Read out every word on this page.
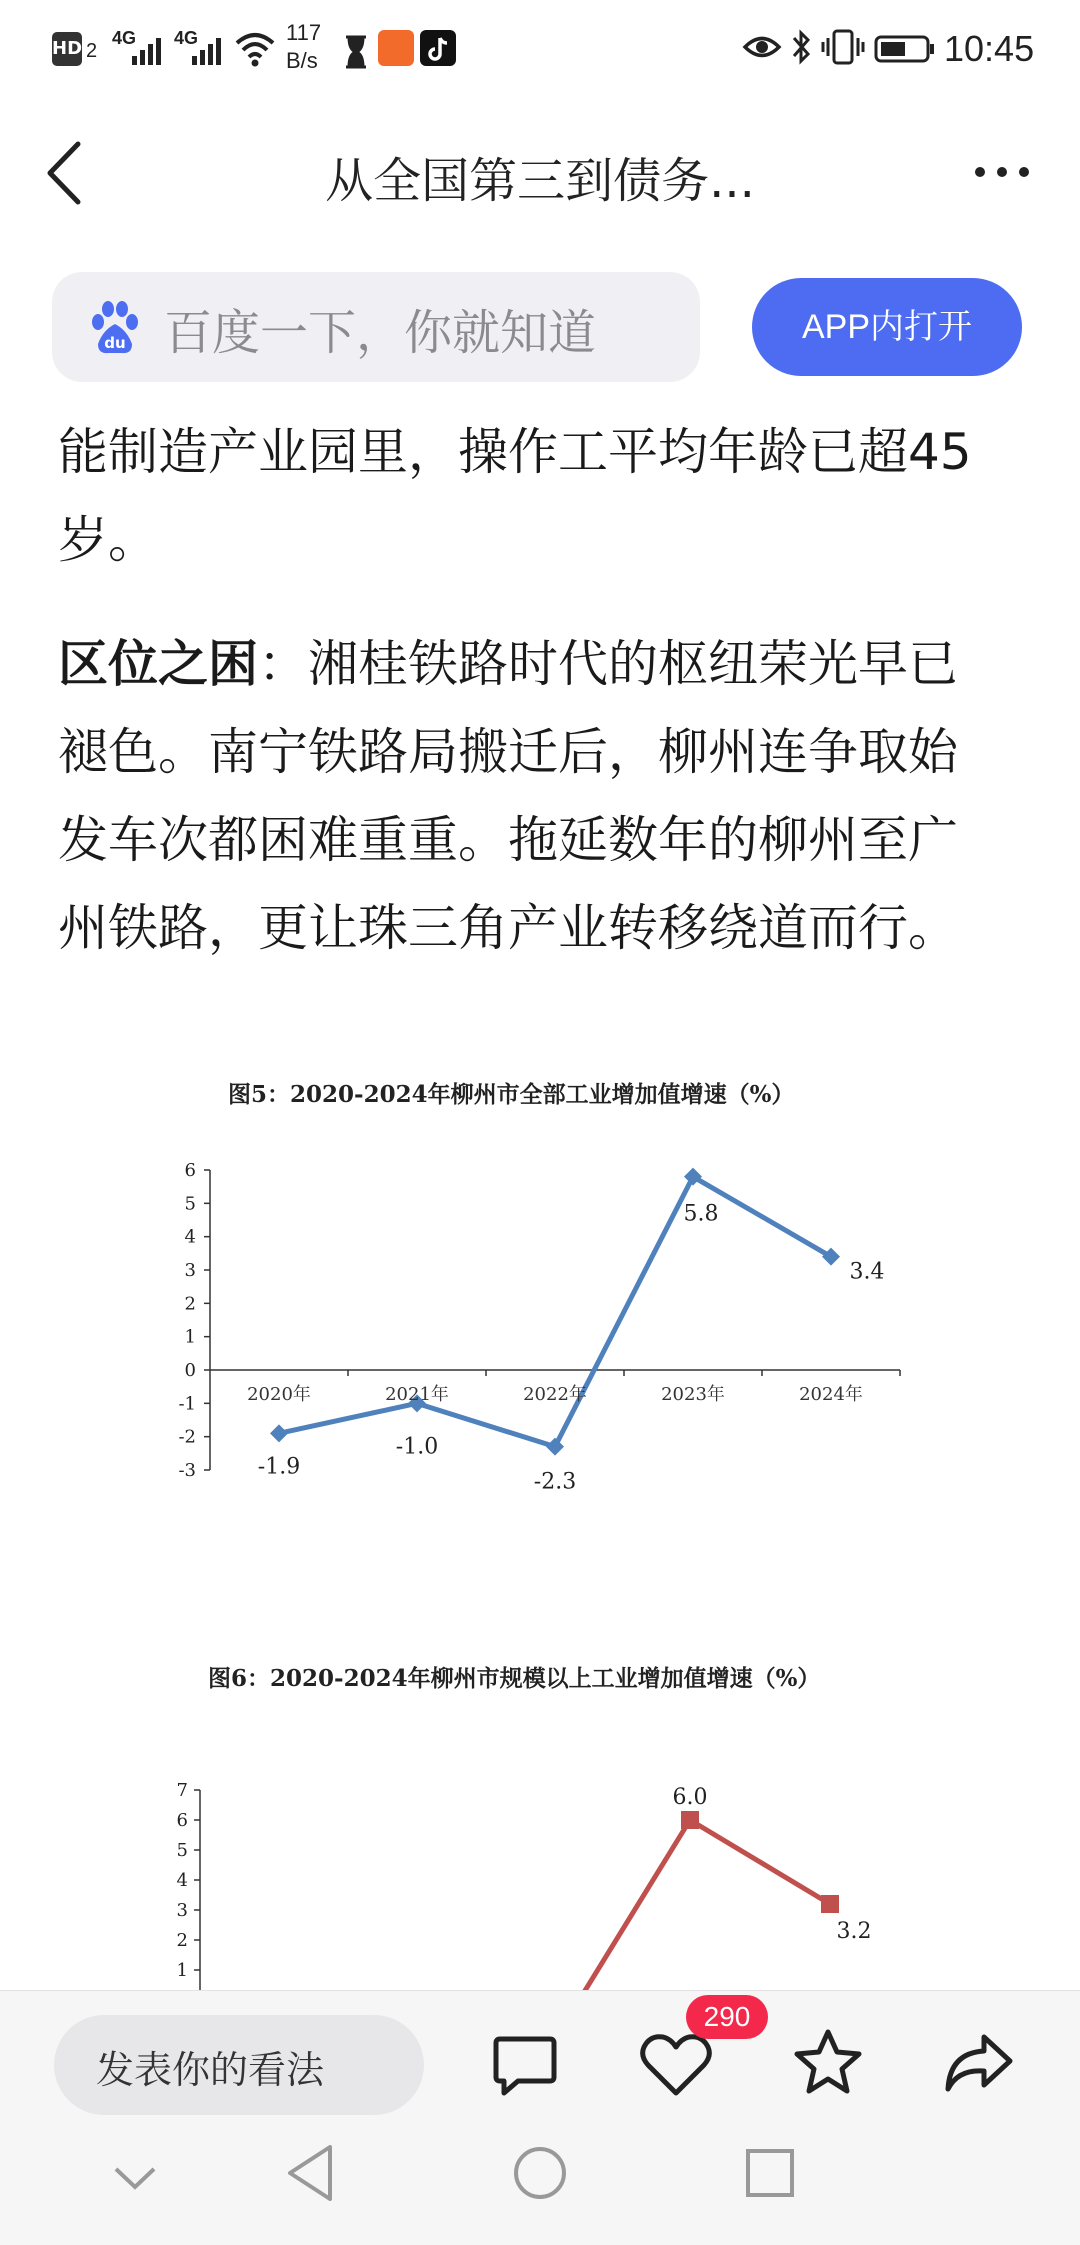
HD 2
4G 4G	117
B/s	10:45
从全国第三到债务...
du 百度一下，你就知道	APP内打开
能制造产业园里，操作工平均年龄已超45
岁。
区位之困：湘桂铁路时代的枢纽荣光早已
褪色。南宁铁路局搬迁后，柳州连争取始
发车次都困难重重。拖延数年的柳州至广
州铁路，更让珠三角产业转移绕道而行。
图5：2020-2024年柳州市全部工业增加值增速（%）
6
5
4
3
2
1
0
-1
-2
-3
2020年	2021年	2022年	2023年	2024年
-1.9
-1.0
-2.3
5.8
3.4
图6：2020-2024年柳州市规模以上工业增加值增速（%）
7
6
5
4
3
2
1
6.0
3.2
发表你的看法
290
